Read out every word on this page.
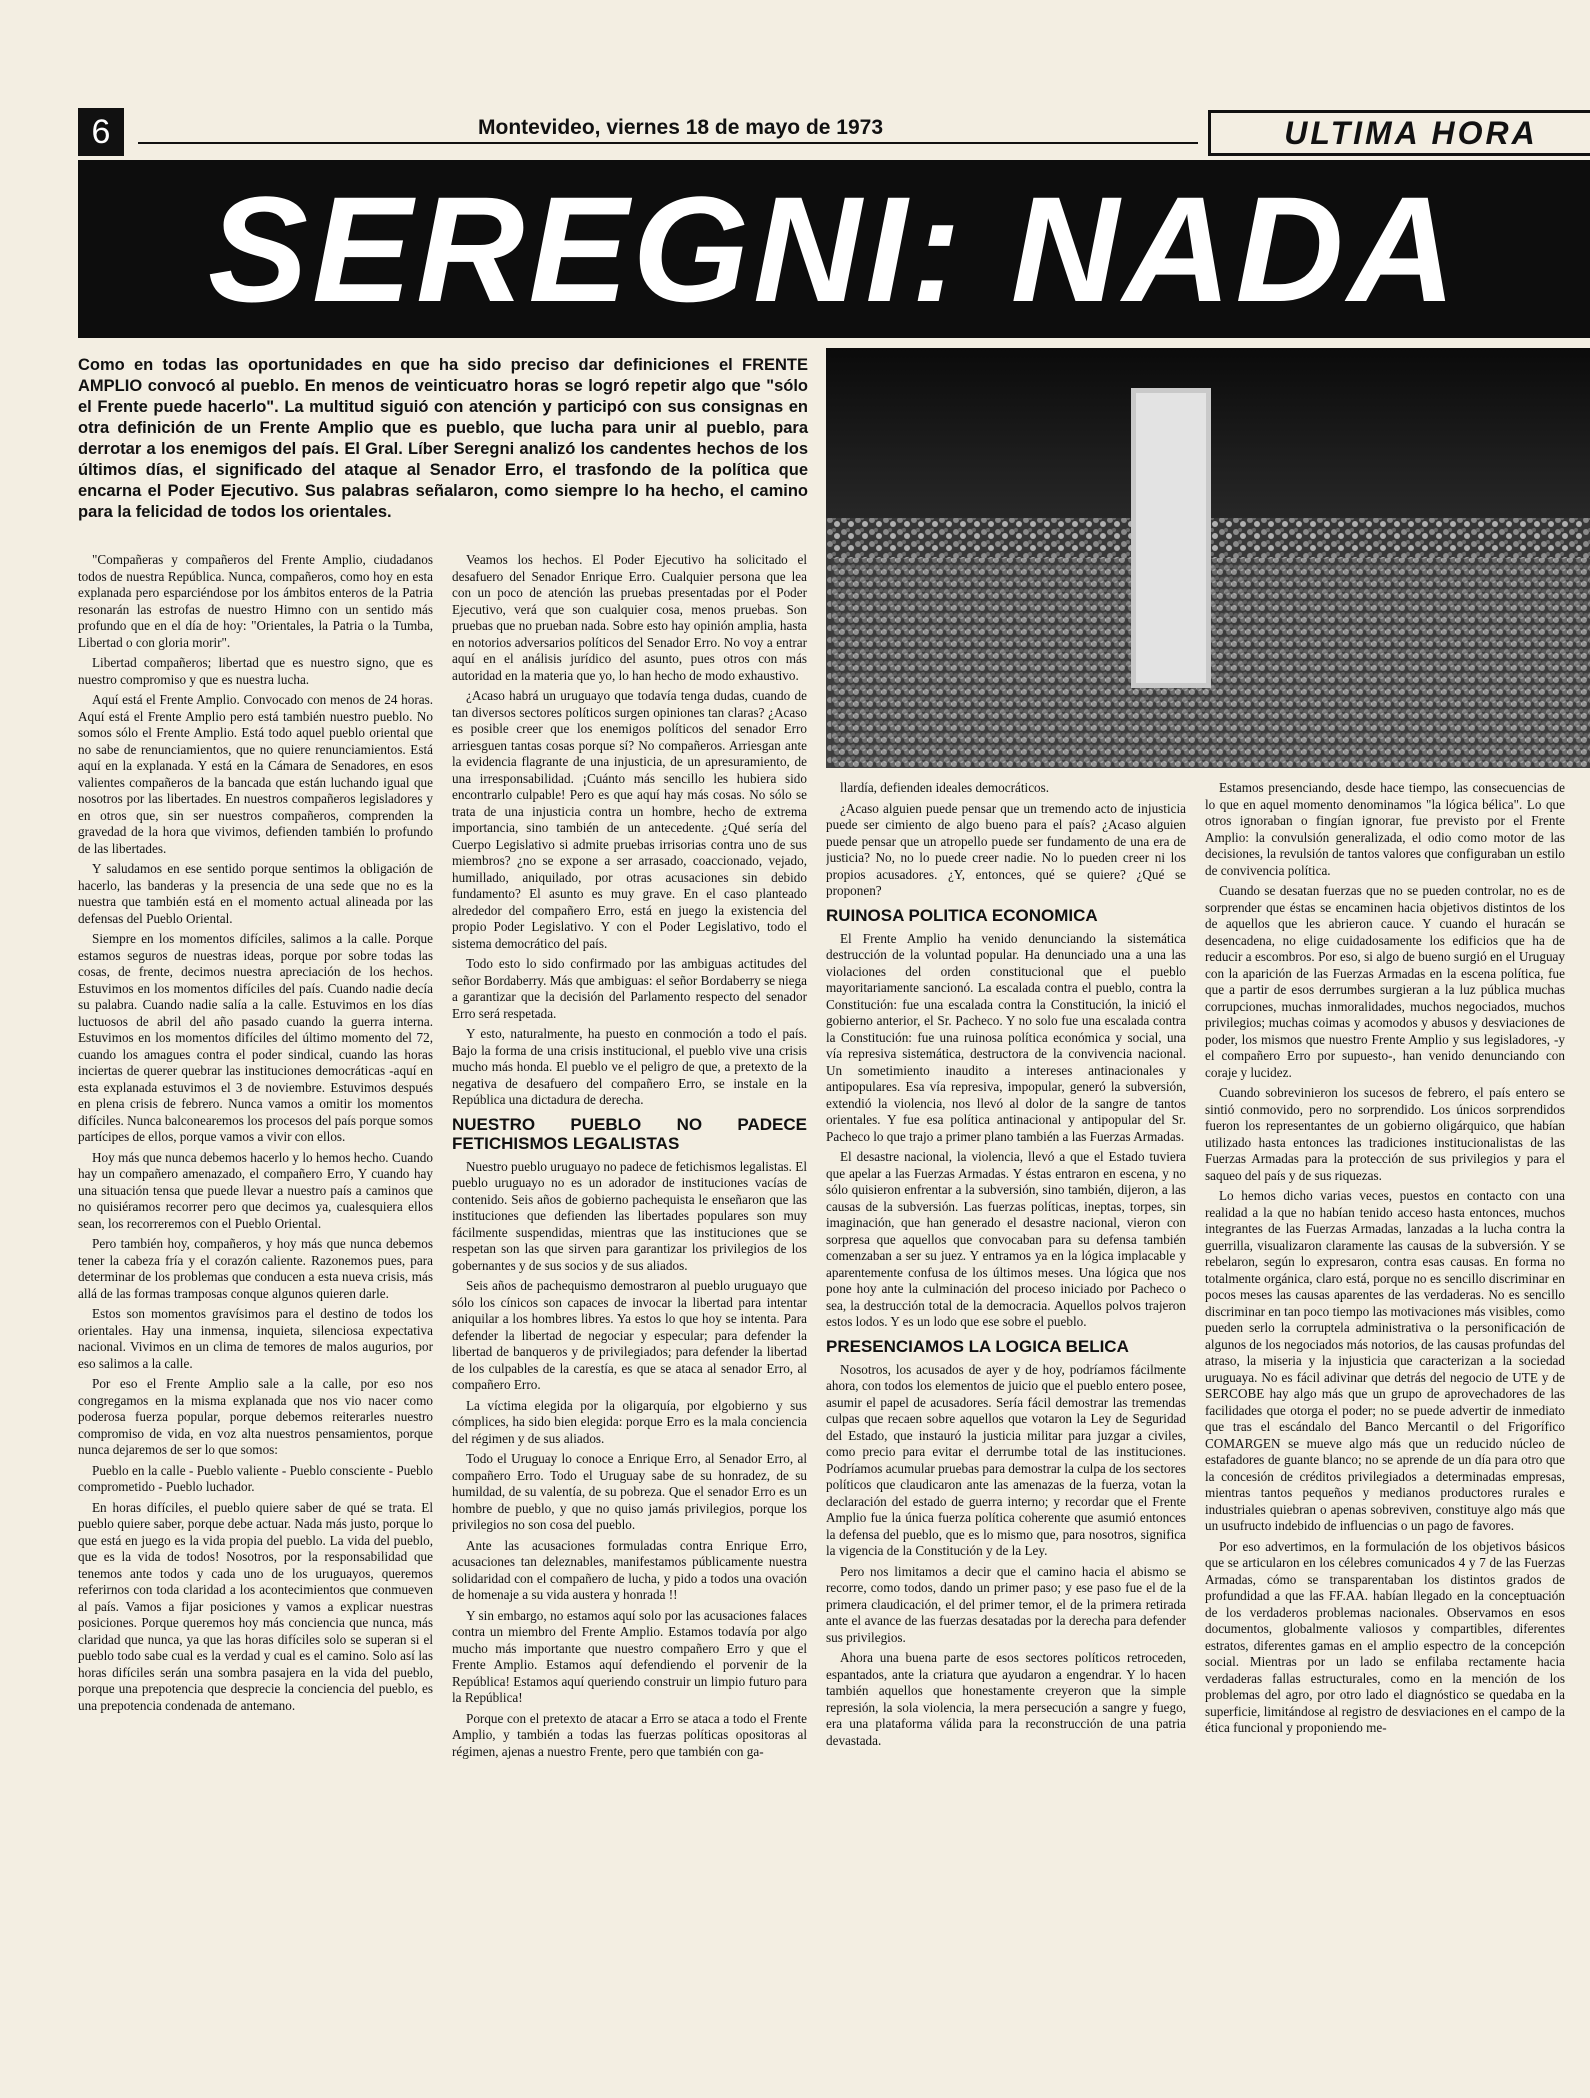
6	Montevideo, viernes 18 de mayo de 1973	ULTIMA HORA
SEREGNI: NADA
Como en todas las oportunidades en que ha sido preciso dar definiciones el FRENTE AMPLIO convocó al pueblo. En menos de veinticuatro horas se logró repetir algo que "sólo el Frente puede hacerlo". La multitud siguió con atención y participó con sus consignas en otra definición de un Frente Amplio que es pueblo, que lucha para unir al pueblo, para derrotar a los enemigos del país. El Gral. Líber Seregni analizó los candentes hechos de los últimos días, el significado del ataque al Senador Erro, el trasfondo de la política que encarna el Poder Ejecutivo. Sus palabras señalaron, como siempre lo ha hecho, el camino para la felicidad de todos los orientales.

"Compañeras y compañeros del Frente Amplio, ciudadanos todos de nuestra República. Nunca, compañeros, como hoy en esta explanada pero esparciéndose por los ámbitos enteros de la Patria resonarán las estrofas de nuestro Himno con un sentido más profundo que en el día de hoy: "Orientales, la Patria o la Tumba, Libertad o con gloria morir".

Libertad compañeros; libertad que es nuestro signo, que es nuestro compromiso y que es nuestra lucha.

Aquí está el Frente Amplio. Convocado con menos de 24 horas. Aquí está el Frente Amplio pero está también nuestro pueblo. No somos sólo el Frente Amplio. Está todo aquel pueblo oriental que no sabe de renunciamientos, que no quiere renunciamientos. Está aquí en la explanada. Y está en la Cámara de Senadores, en esos valientes compañeros de la bancada que están luchando igual que nosotros por las libertades. En nuestros compañeros legisladores y en otros que, sin ser nuestros compañeros, comprenden la gravedad de la hora que vivimos, defienden también lo profundo de las libertades.

Y saludamos en ese sentido porque sentimos la obligación de hacerlo, las banderas y la presencia de una sede que no es la nuestra que también está en el momento actual alineada por las defensas del Pueblo Oriental.

Siempre en los momentos difíciles, salimos a la calle. Porque estamos seguros de nuestras ideas, porque por sobre todas las cosas, de frente, decimos nuestra apreciación de los hechos. Estuvimos en los momentos difíciles del país. Cuando nadie decía su palabra. Cuando nadie salía a la calle. Estuvimos en los días luctuosos de abril del año pasado cuando la guerra interna. Estuvimos en los momentos difíciles del último momento del 72, cuando los amagues contra el poder sindical, cuando las horas inciertas de querer quebrar las instituciones democráticas -aquí en esta explanada estuvimos el 3 de noviembre. Estuvimos después en plena crisis de febrero. Nunca vamos a omitir los momentos difíciles. Nunca balconearemos los procesos del país porque somos partícipes de ellos, porque vamos a vivir con ellos.

Hoy más que nunca debemos hacerlo y lo hemos hecho. Cuando hay un compañero amenazado, el compañero Erro, Y cuando hay una situación tensa que puede llevar a nuestro país a caminos que no quisiéramos recorrer pero que decimos ya, cualesquiera ellos sean, los recorreremos con el Pueblo Oriental.

Pero también hoy, compañeros, y hoy más que nunca debemos tener la cabeza fría y el corazón caliente. Razonemos pues, para determinar de los problemas que conducen a esta nueva crisis, más allá de las formas tramposas conque algunos quieren darle.

Estos son momentos gravísimos para el destino de todos los orientales. Hay una inmensa, inquieta, silenciosa expectativa nacional. Vivimos en un clima de temores de malos augurios, por eso salimos a la calle.

Por eso el Frente Amplio sale a la calle, por eso nos congregamos en la misma explanada que nos vio nacer como poderosa fuerza popular, porque debemos reiterarles nuestro compromiso de vida, en voz alta nuestros pensamientos, porque nunca dejaremos de ser lo que somos:

Pueblo en la calle - Pueblo valiente - Pueblo consciente - Pueblo comprometido - Pueblo luchador.

En horas difíciles, el pueblo quiere saber de qué se trata. El pueblo quiere saber, porque debe actuar. Nada más justo, porque lo que está en juego es la vida propia del pueblo. La vida del pueblo, que es la vida de todos! Nosotros, por la responsabilidad que tenemos ante todos y cada uno de los uruguayos, queremos referirnos con toda claridad a los acontecimientos que conmueven al país. Vamos a fijar posiciones y vamos a explicar nuestras posiciones. Porque queremos hoy más conciencia que nunca, más claridad que nunca, ya que las horas difíciles solo se superan si el pueblo todo sabe cual es la verdad y cual es el camino. Solo así las horas difíciles serán una sombra pasajera en la vida del pueblo, porque una prepotencia que desprecie la conciencia del pueblo, es una prepotencia condenada de antemano.

Veamos los hechos. El Poder Ejecutivo ha solicitado el desafuero del Senador Enrique Erro. Cualquier persona que lea con un poco de atención las pruebas presentadas por el Poder Ejecutivo, verá que son cualquier cosa, menos pruebas. Son pruebas que no prueban nada. Sobre esto hay opinión amplia, hasta en notorios adversarios políticos del Senador Erro. No voy a entrar aquí en el análisis jurídico del asunto, pues otros con más autoridad en la materia que yo, lo han hecho de modo exhaustivo.

¿Acaso habrá un uruguayo que todavía tenga dudas, cuando de tan diversos sectores políticos surgen opiniones tan claras? ¿Acaso es posible creer que los enemigos políticos del senador Erro arriesguen tantas cosas porque sí? No compañeros. Arriesgan ante la evidencia flagrante de una injusticia, de un apresuramiento, de una irresponsabilidad. ¡Cuánto más sencillo les hubiera sido encontrarlo culpable! Pero es que aquí hay más cosas. No sólo se trata de una injusticia contra un hombre, hecho de extrema importancia, sino también de un antecedente. ¿Qué sería del Cuerpo Legislativo si admite pruebas irrisorias contra uno de sus miembros? ¿no se expone a ser arrasado, coaccionado, vejado, humillado, aniquilado, por otras acusaciones sin debido fundamento? El asunto es muy grave. En el caso planteado alrededor del compañero Erro, está en juego la existencia del propio Poder Legislativo. Y con el Poder Legislativo, todo el sistema democrático del país.

Todo esto lo sido confirmado por las ambiguas actitudes del señor Bordaberry. Más que ambiguas: el señor Bordaberry se niega a garantizar que la decisión del Parlamento respecto del senador Erro será respetada.

Y esto, naturalmente, ha puesto en conmoción a todo el país. Bajo la forma de una crisis institucional, el pueblo vive una crisis mucho más honda. El pueblo ve el peligro de que, a pretexto de la negativa de desafuero del compañero Erro, se instale en la República una dictadura de derecha.

NUESTRO PUEBLO NO PADECE FETICHISMOS LEGALISTAS

Nuestro pueblo uruguayo no padece de fetichismos legalistas. El pueblo uruguayo no es un adorador de instituciones vacías de contenido. Seis años de gobierno pachequista le enseñaron que las instituciones que defienden las libertades populares son muy fácilmente suspendidas, mientras que las instituciones que se respetan son las que sirven para garantizar los privilegios de los gobernantes y de sus socios y de sus aliados.

Seis años de pachequismo demostraron al pueblo uruguayo que sólo los cínicos son capaces de invocar la libertad para intentar aniquilar a los hombres libres. Ya estos lo que hoy se intenta. Para defender la libertad de negociar y especular; para defender la libertad de banqueros y de privilegiados; para defender la libertad de los culpables de la carestía, es que se ataca al senador Erro, al compañero Erro.

La víctima elegida por la oligarquía, por elgobierno y sus cómplices, ha sido bien elegida: porque Erro es la mala conciencia del régimen y de sus aliados.

Todo el Uruguay lo conoce a Enrique Erro, al Senador Erro, al compañero Erro. Todo el Uruguay sabe de su honradez, de su humildad, de su valentía, de su pobreza. Que el senador Erro es un hombre de pueblo, y que no quiso jamás privilegios, porque los privilegios no son cosa del pueblo.

Ante las acusaciones formuladas contra Enrique Erro, acusaciones tan deleznables, manifestamos públicamente nuestra solidaridad con el compañero de lucha, y pido a todos una ovación de homenaje a su vida austera y honrada !!

Y sin embargo, no estamos aquí solo por las acusaciones falaces contra un miembro del Frente Amplio. Estamos todavía por algo mucho más importante que nuestro compañero Erro y que el Frente Amplio. Estamos aquí defendiendo el porvenir de la República! Estamos aquí queriendo construir un limpio futuro para la República!

Porque con el pretexto de atacar a Erro se ataca a todo el Frente Amplio, y también a todas las fuerzas políticas opositoras al régimen, ajenas a nuestro Frente, pero que también con ga-

llardía, defienden ideales democráticos.

¿Acaso alguien puede pensar que un tremendo acto de injusticia puede ser cimiento de algo bueno para el país? ¿Acaso alguien puede pensar que un atropello puede ser fundamento de una era de justicia? No, no lo puede creer nadie. No lo pueden creer ni los propios acusadores. ¿Y, entonces, qué se quiere? ¿Qué se proponen?

RUINOSA POLITICA ECONOMICA

El Frente Amplio ha venido denunciando la sistemática destrucción de la voluntad popular. Ha denunciado una a una las violaciones del orden constitucional que el pueblo mayoritariamente sancionó. La escalada contra el pueblo, contra la Constitución: fue una escalada contra la Constitución, la inició el gobierno anterior, el Sr. Pacheco. Y no solo fue una escalada contra la Constitución: fue una ruinosa política económica y social, una vía represiva sistemática, destructora de la convivencia nacional. Un sometimiento inaudito a intereses antinacionales y antipopulares. Esa vía represiva, impopular, generó la subversión, extendió la violencia, nos llevó al dolor de la sangre de tantos orientales. Y fue esa política antinacional y antipopular del Sr. Pacheco lo que trajo a primer plano también a las Fuerzas Armadas.

El desastre nacional, la violencia, llevó a que el Estado tuviera que apelar a las Fuerzas Armadas. Y éstas entraron en escena, y no sólo quisieron enfrentar a la subversión, sino también, dijeron, a las causas de la subversión. Las fuerzas políticas, ineptas, torpes, sin imaginación, que han generado el desastre nacional, vieron con sorpresa que aquellos que convocaban para su defensa también comenzaban a ser su juez. Y entramos ya en la lógica implacable y aparentemente confusa de los últimos meses. Una lógica que nos pone hoy ante la culminación del proceso iniciado por Pacheco o sea, la destrucción total de la democracia. Aquellos polvos trajeron estos lodos. Y es un lodo que ese sobre el pueblo.

PRESENCIAMOS LA LOGICA BELICA

Nosotros, los acusados de ayer y de hoy, podríamos fácilmente ahora, con todos los elementos de juicio que el pueblo entero posee, asumir el papel de acusadores. Sería fácil demostrar las tremendas culpas que recaen sobre aquellos que votaron la Ley de Seguridad del Estado, que instauró la justicia militar para juzgar a civiles, como precio para evitar el derrumbe total de las instituciones. Podríamos acumular pruebas para demostrar la culpa de los sectores políticos que claudicaron ante las amenazas de la fuerza, votan la declaración del estado de guerra interno; y recordar que el Frente Amplio fue la única fuerza política coherente que asumió entonces la defensa del pueblo, que es lo mismo que, para nosotros, significa la vigencia de la Constitución y de la Ley.

Pero nos limitamos a decir que el camino hacia el abismo se recorre, como todos, dando un primer paso; y ese paso fue el de la primera claudicación, el del primer temor, el de la primera retirada ante el avance de las fuerzas desatadas por la derecha para defender sus privilegios.

Ahora una buena parte de esos sectores políticos retroceden, espantados, ante la criatura que ayudaron a engendrar. Y lo hacen también aquellos que honestamente creyeron que la simple represión, la sola violencia, la mera persecución a sangre y fuego, era una plataforma válida para la reconstrucción de una patria devastada.

Estamos presenciando, desde hace tiempo, las consecuencias de lo que en aquel momento denominamos "la lógica bélica". Lo que otros ignoraban o fingían ignorar, fue previsto por el Frente Amplio: la convulsión generalizada, el odio como motor de las decisiones, la revulsión de tantos valores que configuraban un estilo de convivencia política.

Cuando se desatan fuerzas que no se pueden controlar, no es de sorprender que éstas se encaminen hacia objetivos distintos de los de aquellos que les abrieron cauce. Y cuando el huracán se desencadena, no elige cuidadosamente los edificios que ha de reducir a escombros. Por eso, si algo de bueno surgió en el Uruguay con la aparición de las Fuerzas Armadas en la escena política, fue que a partir de esos derrumbes surgieran a la luz pública muchas corrupciones, muchas inmoralidades, muchos negociados, muchos privilegios; muchas coimas y acomodos y abusos y desviaciones de poder, los mismos que nuestro Frente Amplio y sus legisladores, -y el compañero Erro por supuesto-, han venido denunciando con coraje y lucidez.

Cuando sobrevinieron los sucesos de febrero, el país entero se sintió conmovido, pero no sorprendido. Los únicos sorprendidos fueron los representantes de un gobierno oligárquico, que habían utilizado hasta entonces las tradiciones institucionalistas de las Fuerzas Armadas para la protección de sus privilegios y para el saqueo del país y de sus riquezas.

Lo hemos dicho varias veces, puestos en contacto con una realidad a la que no habían tenido acceso hasta entonces, muchos integrantes de las Fuerzas Armadas, lanzadas a la lucha contra la guerrilla, visualizaron claramente las causas de la subversión. Y se rebelaron, según lo expresaron, contra esas causas. En forma no totalmente orgánica, claro está, porque no es sencillo discriminar en pocos meses las causas aparentes de las verdaderas. No es sencillo discriminar en tan poco tiempo las motivaciones más visibles, como pueden serlo la corruptela administrativa o la personificación de algunos de los negociados más notorios, de las causas profundas del atraso, la miseria y la injusticia que caracterizan a la sociedad uruguaya. No es fácil adivinar que detrás del negocio de UTE y de SERCOBE hay algo más que un grupo de aprovechadores de las facilidades que otorga el poder; no se puede advertir de inmediato que tras el escándalo del Banco Mercantil o del Frigorífico COMARGEN se mueve algo más que un reducido núcleo de estafadores de guante blanco; no se aprende de un día para otro que la concesión de créditos privilegiados a determinadas empresas, mientras tantos pequeños y medianos productores rurales e industriales quiebran o apenas sobreviven, constituye algo más que un usufructo indebido de influencias o un pago de favores.

Por eso advertimos, en la formulación de los objetivos básicos que se articularon en los célebres comunicados 4 y 7 de las Fuerzas Armadas, cómo se transparentaban los distintos grados de profundidad a que las FF.AA. habían llegado en la conceptuación de los verdaderos problemas nacionales. Observamos en esos documentos, globalmente valiosos y compartibles, diferentes estratos, diferentes gamas en el amplio espectro de la concepción social. Mientras por un lado se enfilaba rectamente hacia verdaderas fallas estructurales, como en la mención de los problemas del agro, por otro lado el diagnóstico se quedaba en la superficie, limitándose al registro de desviaciones en el campo de la ética funcional y proponiendo me-
